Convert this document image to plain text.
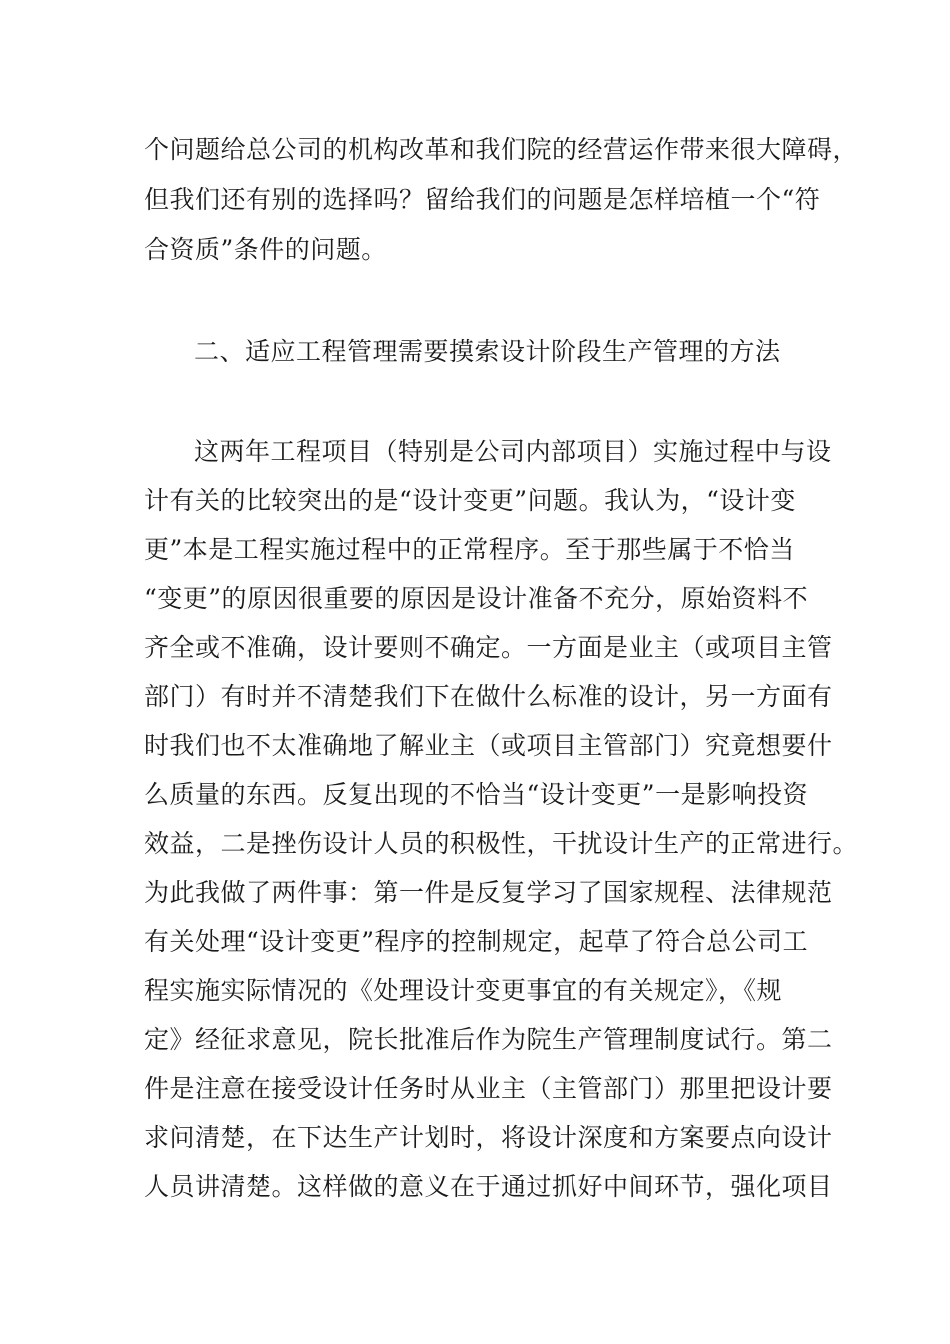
个问题给总公司的机构改革和我们院的经营运作带来很大障碍，
但我们还有别的选择吗？留给我们的问题是怎样培植一个“符
合资质”条件的问题。
二、适应工程管理需要摸索设计阶段生产管理的方法
这两年工程项目（特别是公司内部项目）实施过程中与设
计有关的比较突出的是“设计变更”问题。我认为，“设计变
更”本是工程实施过程中的正常程序。至于那些属于不恰当
“变更”的原因很重要的原因是设计准备不充分，原始资料不
齐全或不准确，设计要则不确定。一方面是业主（或项目主管
部门）有时并不清楚我们下在做什么标准的设计，另一方面有
时我们也不太准确地了解业主（或项目主管部门）究竟想要什
么质量的东西。反复出现的不恰当“设计变更”一是影响投资
效益，二是挫伤设计人员的积极性，干扰设计生产的正常进行。
为此我做了两件事：第一件是反复学习了国家规程、法律规范
有关处理“设计变更”程序的控制规定，起草了符合总公司工
程实施实际情况的《处理设计变更事宜的有关规定》，《规
定》经征求意见，院长批准后作为院生产管理制度试行。第二
件是注意在接受设计任务时从业主（主管部门）那里把设计要
求问清楚，在下达生产计划时，将设计深度和方案要点向设计
人员讲清楚。这样做的意义在于通过抓好中间环节，强化项目
